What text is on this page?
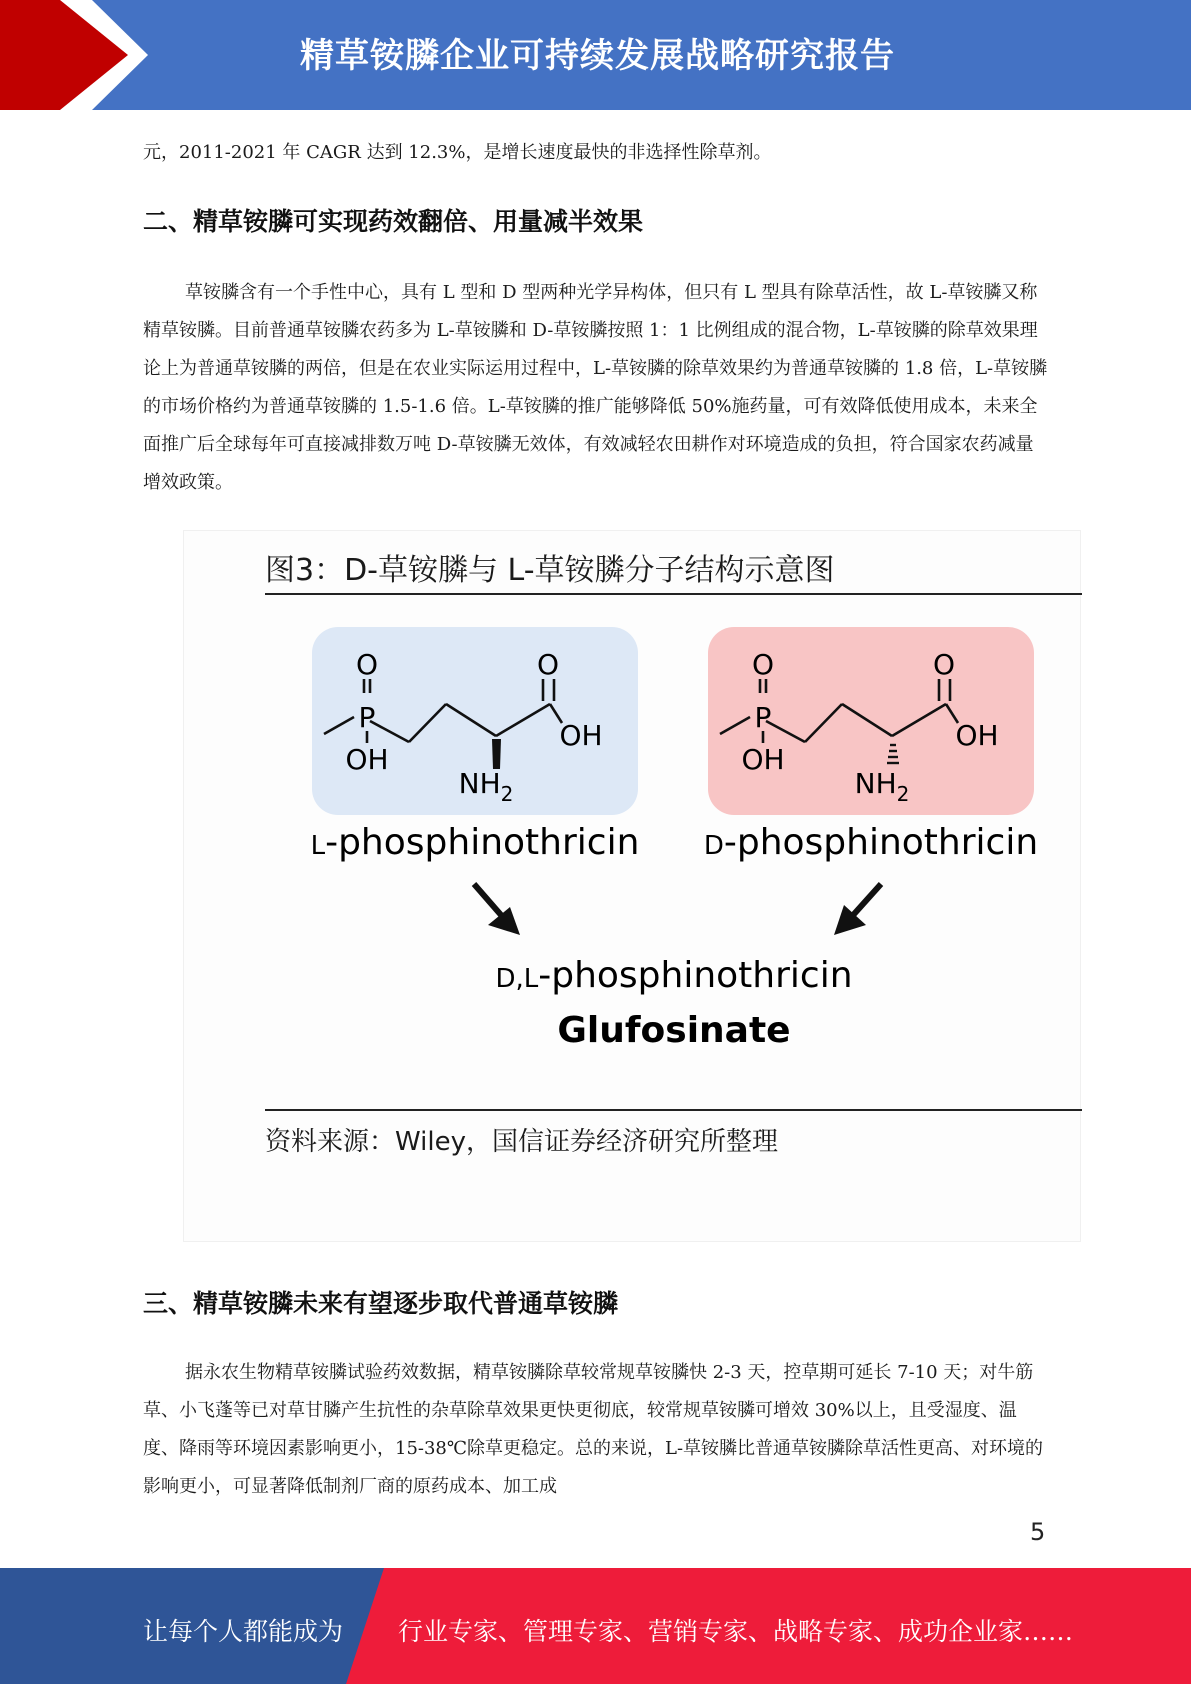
精草铵膦企业可持续发展战略研究报告

元，2011-2021 年 CAGR 达到 12.3%，是增长速度最快的非选择性除草剂。

二、精草铵膦可实现药效翻倍、用量减半效果

草铵膦含有一个手性中心，具有 L 型和 D 型两种光学异构体，但只有 L 型具有除草活性，故 L-草铵膦又称精草铵膦。目前普通草铵膦农药多为 L-草铵膦和 D-草铵膦按照 1：1 比例组成的混合物，L-草铵膦的除草效果理论上为普通草铵膦的两倍，但是在农业实际运用过程中，L-草铵膦的除草效果约为普通草铵膦的 1.8 倍，L-草铵膦的市场价格约为普通草铵膦的 1.5-1.6 倍。L-草铵膦的推广能够降低 50%施药量，可有效降低使用成本，未来全面推广后全球每年可直接减排数万吨 D-草铵膦无效体，有效减轻农田耕作对环境造成的负担，符合国家农药减量增效政策。

图3：D-草铵膦与 L-草铵膦分子结构示意图
O
P
OH
O
OH
$NH_2$
O
P
OH
O
OH
$NH_2$
L-phosphinothricin D-phosphinothricin
D,L-phosphinothricin
Glufosinate
资料来源：Wiley，国信证券经济研究所整理
三、精草铵膦未来有望逐步取代普通草铵膦

据永农生物精草铵膦试验药效数据，精草铵膦除草较常规草铵膦快 2-3 天，控草期可延长 7-10 天；对牛筋草、小飞蓬等已对草甘膦产生抗性的杂草除草效果更快更彻底，较常规草铵膦可增效 30%以上，且受湿度、温度、降雨等环境因素影响更小，15-38℃除草更稳定。总的来说，L-草铵膦比普通草铵膦除草活性更高、对环境的影响更小，可显著降低制剂厂商的原药成本、加工成

5
让每个人都能成为 行业专家、管理专家、营销专家、战略专家、成功企业家……
